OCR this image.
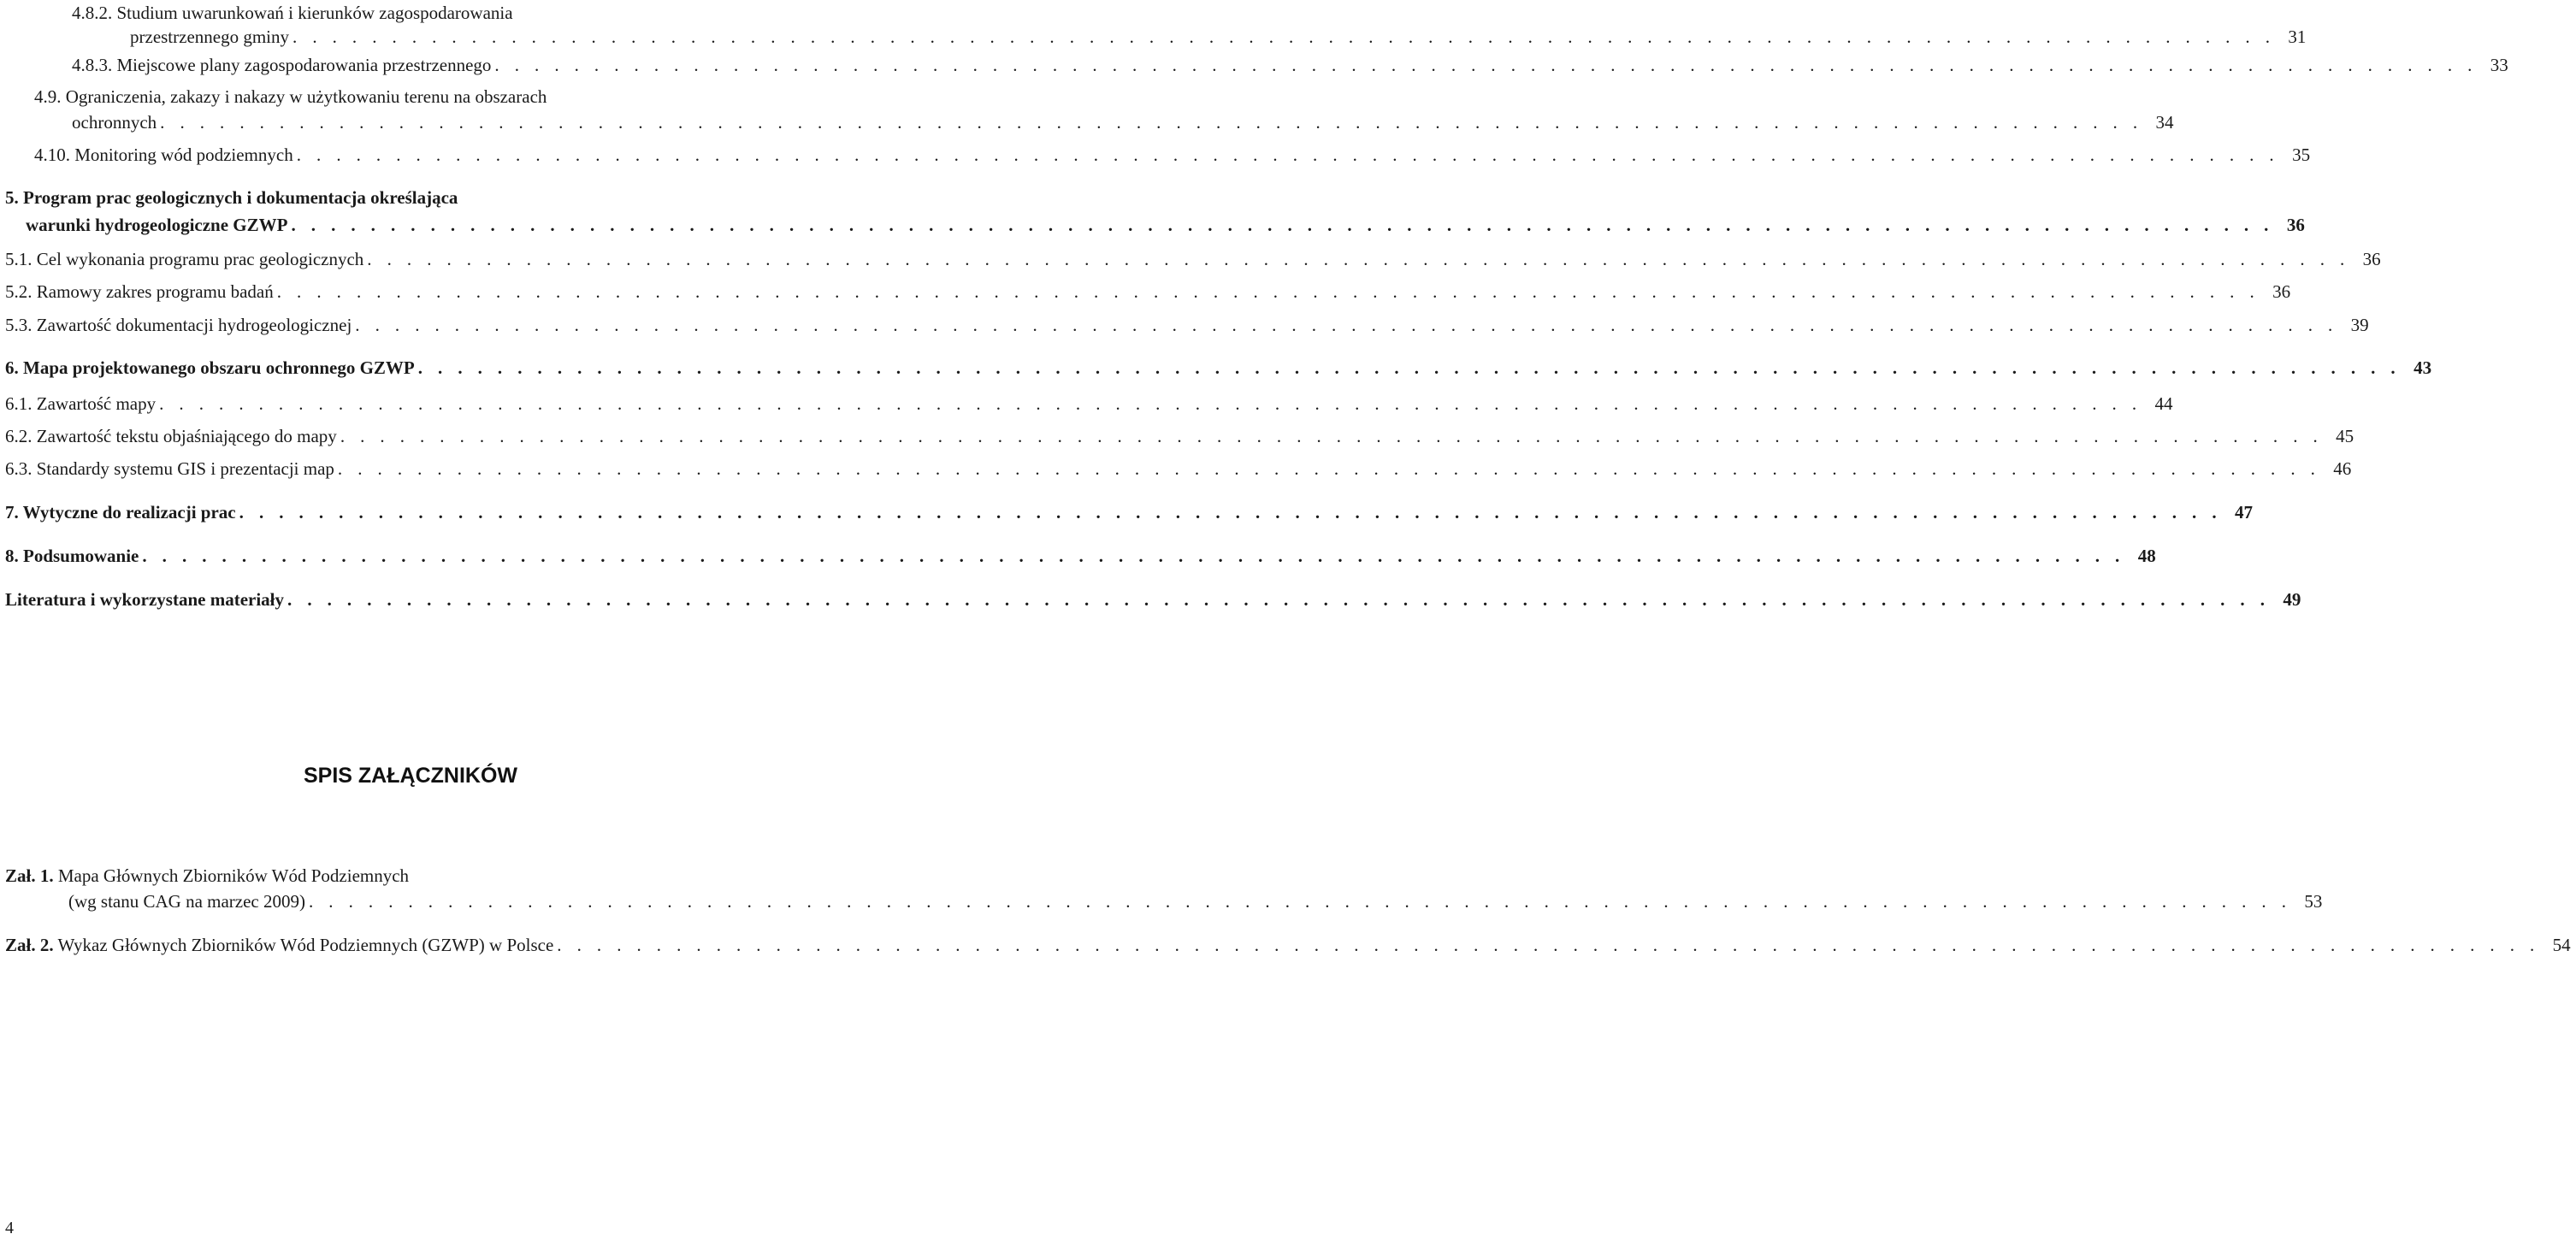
4.8.2. Studium uwarunkowań i kierunków zagospodarowania
przestrzennego gminy . . . . . . . . . . . . . . . . . . . . . . . . . . . . . . . . . . . . . . . . . . . . . . . . . . . . . . . . . . . . . . . . . . . . . . . . . . . . . . . . . . . . . . . . . . . . . . . . . . . . 31
4.8.3. Miejscowe plany zagospodarowania przestrzennego . . . . . . . . . . . . . . . . . . . . . . . . . . . . . . . . . . . . . . . . . . . . . . . . . . . . . . . . . . . . . . . . . . . . . . . . . . . . . . . . . . . . . . . . . . . . . . . . . . . . 33
4.9. Ograniczenia, zakazy i nakazy w użytkowaniu terenu na obszarach
ochronnych . . . . . . . . . . . . . . . . . . . . . . . . . . . . . . . . . . . . . . . . . . . . . . . . . . . . . . . . . . . . . . . . . . . . . . . . . . . . . . . . . . . . . . . . . . . . . . . . . . . . 34
4.10. Monitoring wód podziemnych . . . . . . . . . . . . . . . . . . . . . . . . . . . . . . . . . . . . . . . . . . . . . . . . . . . . . . . . . . . . . . . . . . . . . . . . . . . . . . . . . . . . . . . . . . . . . . . . . . . . 35
5. Program prac geologicznych i dokumentacja określająca
warunki hydrogeologiczne GZWP . . . . . . . . . . . . . . . . . . . . . . . . . . . . . . . . . . . . . . . . . . . . . . . . . . . . . . . . . . . . . . . . . . . . . . . . . . . . . . . . . . . . . . . . . . . . . . . . . . . . 36
5.1. Cel wykonania programu prac geologicznych . . . . . . . . . . . . . . . . . . . . . . . . . . . . . . . . . . . . . . . . . . . . . . . . . . . . . . . . . . . . . . . . . . . . . . . . . . . . . . . . . . . . . . . . . . . . . . . . . . . . 36
5.2. Ramowy zakres programu badań . . . . . . . . . . . . . . . . . . . . . . . . . . . . . . . . . . . . . . . . . . . . . . . . . . . . . . . . . . . . . . . . . . . . . . . . . . . . . . . . . . . . . . . . . . . . . . . . . . . . 36
5.3. Zawartość dokumentacji hydrogeologicznej . . . . . . . . . . . . . . . . . . . . . . . . . . . . . . . . . . . . . . . . . . . . . . . . . . . . . . . . . . . . . . . . . . . . . . . . . . . . . . . . . . . . . . . . . . . . . . . . . . . . 39
6. Mapa projektowanego obszaru ochronnego GZWP . . . . . . . . . . . . . . . . . . . . . . . . . . . . . . . . . . . . . . . . . . . . . . . . . . . . . . . . . . . . . . . . . . . . . . . . . . . . . . . . . . . . . . . . . . . . . . . . . . . . 43
6.1. Zawartość mapy . . . . . . . . . . . . . . . . . . . . . . . . . . . . . . . . . . . . . . . . . . . . . . . . . . . . . . . . . . . . . . . . . . . . . . . . . . . . . . . . . . . . . . . . . . . . . . . . . . . . 44
6.2. Zawartość tekstu objaśniającego do mapy . . . . . . . . . . . . . . . . . . . . . . . . . . . . . . . . . . . . . . . . . . . . . . . . . . . . . . . . . . . . . . . . . . . . . . . . . . . . . . . . . . . . . . . . . . . . . . . . . . . . 45
6.3. Standardy systemu GIS i prezentacji map . . . . . . . . . . . . . . . . . . . . . . . . . . . . . . . . . . . . . . . . . . . . . . . . . . . . . . . . . . . . . . . . . . . . . . . . . . . . . . . . . . . . . . . . . . . . . . . . . . . . 46
7. Wytyczne do realizacji prac . . . . . . . . . . . . . . . . . . . . . . . . . . . . . . . . . . . . . . . . . . . . . . . . . . . . . . . . . . . . . . . . . . . . . . . . . . . . . . . . . . . . . . . . . . . . . . . . . . . . 47
8. Podsumowanie . . . . . . . . . . . . . . . . . . . . . . . . . . . . . . . . . . . . . . . . . . . . . . . . . . . . . . . . . . . . . . . . . . . . . . . . . . . . . . . . . . . . . . . . . . . . . . . . . . . . 48
Literatura i wykorzystane materiały . . . . . . . . . . . . . . . . . . . . . . . . . . . . . . . . . . . . . . . . . . . . . . . . . . . . . . . . . . . . . . . . . . . . . . . . . . . . . . . . . . . . . . . . . . . . . . . . . . . . 49
SPIS ZAŁĄCZNIKÓW
Zał. 1. Mapa Głównych Zbiorników Wód Podziemnych
(wg stanu CAG na marzec 2009) . . . . . . . . . . . . . . . . . . . . . . . . . . . . . . . . . . . . . . . . . . . . . . . . . . . . . . . . . . . . . . . . . . . . . . . . . . . . . . . . . . . . . . . . . . . . . . . . . . . . 53
Zał. 2. Wykaz Głównych Zbiorników Wód Podziemnych (GZWP) w Polsce . . . . . . . . . . . . . . . . . . . . . . . . . . . . . . . . . . . . . . . . . . . . . . . . . . . . . . . . . . . . . . . . . . . . . . . . . . . . . . . . . . . . . . . . . . . . . . . . . . . . 54
4
